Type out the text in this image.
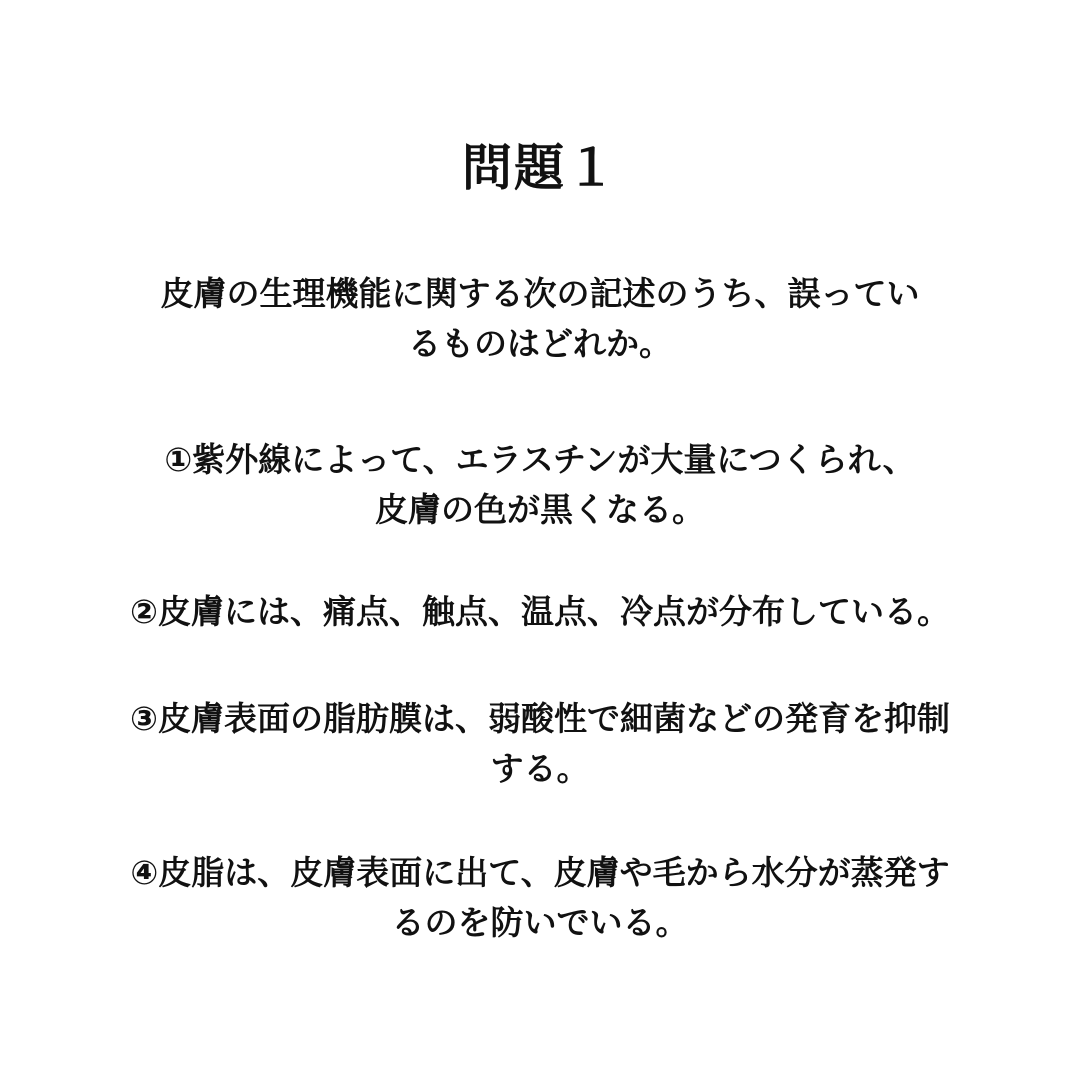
問題１

皮膚の生理機能に関する次の記述のうち、誤ってい
るものはどれか。

①紫外線によって、エラスチンが大量につくられ、
皮膚の色が黒くなる。

②皮膚には、痛点、触点、温点、冷点が分布している。

③皮膚表面の脂肪膜は、弱酸性で細菌などの発育を抑制
する。

④皮脂は、皮膚表面に出て、皮膚や毛から水分が蒸発す
るのを防いでいる。
